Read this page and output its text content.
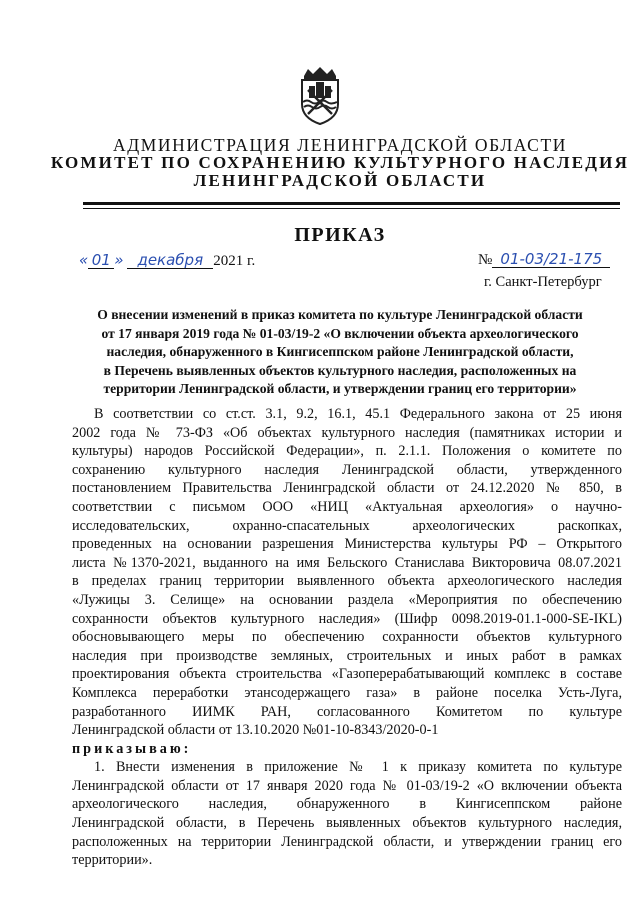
АДМИНИСТРАЦИЯ ЛЕНИНГРАДСКОЙ ОБЛАСТИ
КОМИТЕТ ПО СОХРАНЕНИЮ КУЛЬТУРНОГО НАСЛЕДИЯ
ЛЕНИНГРАДСКОЙ ОБЛАСТИ
ПРИКАЗ
« 01 » декабря 2021 г.	№ 01-03/21-175
г. Санкт-Петербург
О внесении изменений в приказ комитета по культуре Ленинградской области
от 17 января 2019 года № 01-03/19-2 «О включении объекта археологического
наследия, обнаруженного в Кингисеппском районе Ленинградской области,
в Перечень выявленных объектов культурного наследия, расположенных на
территории Ленинградской области, и утверждении границ его территории»
В соответствии со ст.ст. 3.1, 9.2, 16.1, 45.1 Федерального закона от 25 июня
2002 года № 73-ФЗ «Об объектах культурного наследия (памятниках истории и
культуры) народов Российской Федерации», п. 2.1.1. Положения о комитете по
сохранению культурного наследия Ленинградской области, утвержденного
постановлением Правительства Ленинградской области от 24.12.2020 № 850, в
соответствии с письмом ООО «НИЦ «Актуальная археология» о научно-
исследовательских, охранно-спасательных археологических раскопках,
проведенных на основании разрешения Министерства культуры РФ – Открытого
листа №1370-2021, выданного на имя Бельского Станислава Викторовича 08.07.2021
в пределах границ территории выявленного объекта археологического наследия
«Лужицы 3. Селище» на основании раздела «Мероприятия по обеспечению
сохранности объектов культурного наследия» (Шифр 0098.2019-01.1-000-SE-IKL)
обосновывающего меры по обеспечению сохранности объектов культурного
наследия при производстве земляных, строительных и иных работ в рамках
проектирования объекта строительства «Газоперерабатывающий комплекс в составе
Комплекса переработки этансодержащего газа» в районе поселка Усть-Луга,
разработанного ИИМК РАН, согласованного Комитетом по культуре
Ленинградской области от 13.10.2020 №01-10-8343/2020-0-1
приказываю:
1. Внести изменения в приложение № 1 к приказу комитета по культуре
Ленинградской области от 17 января 2020 года № 01-03/19-2 «О включении объекта
археологического наследия, обнаруженного в Кингисеппском районе
Ленинградской области, в Перечень выявленных объектов культурного наследия,
расположенных на территории Ленинградской области, и утверждении границ его
территории».
